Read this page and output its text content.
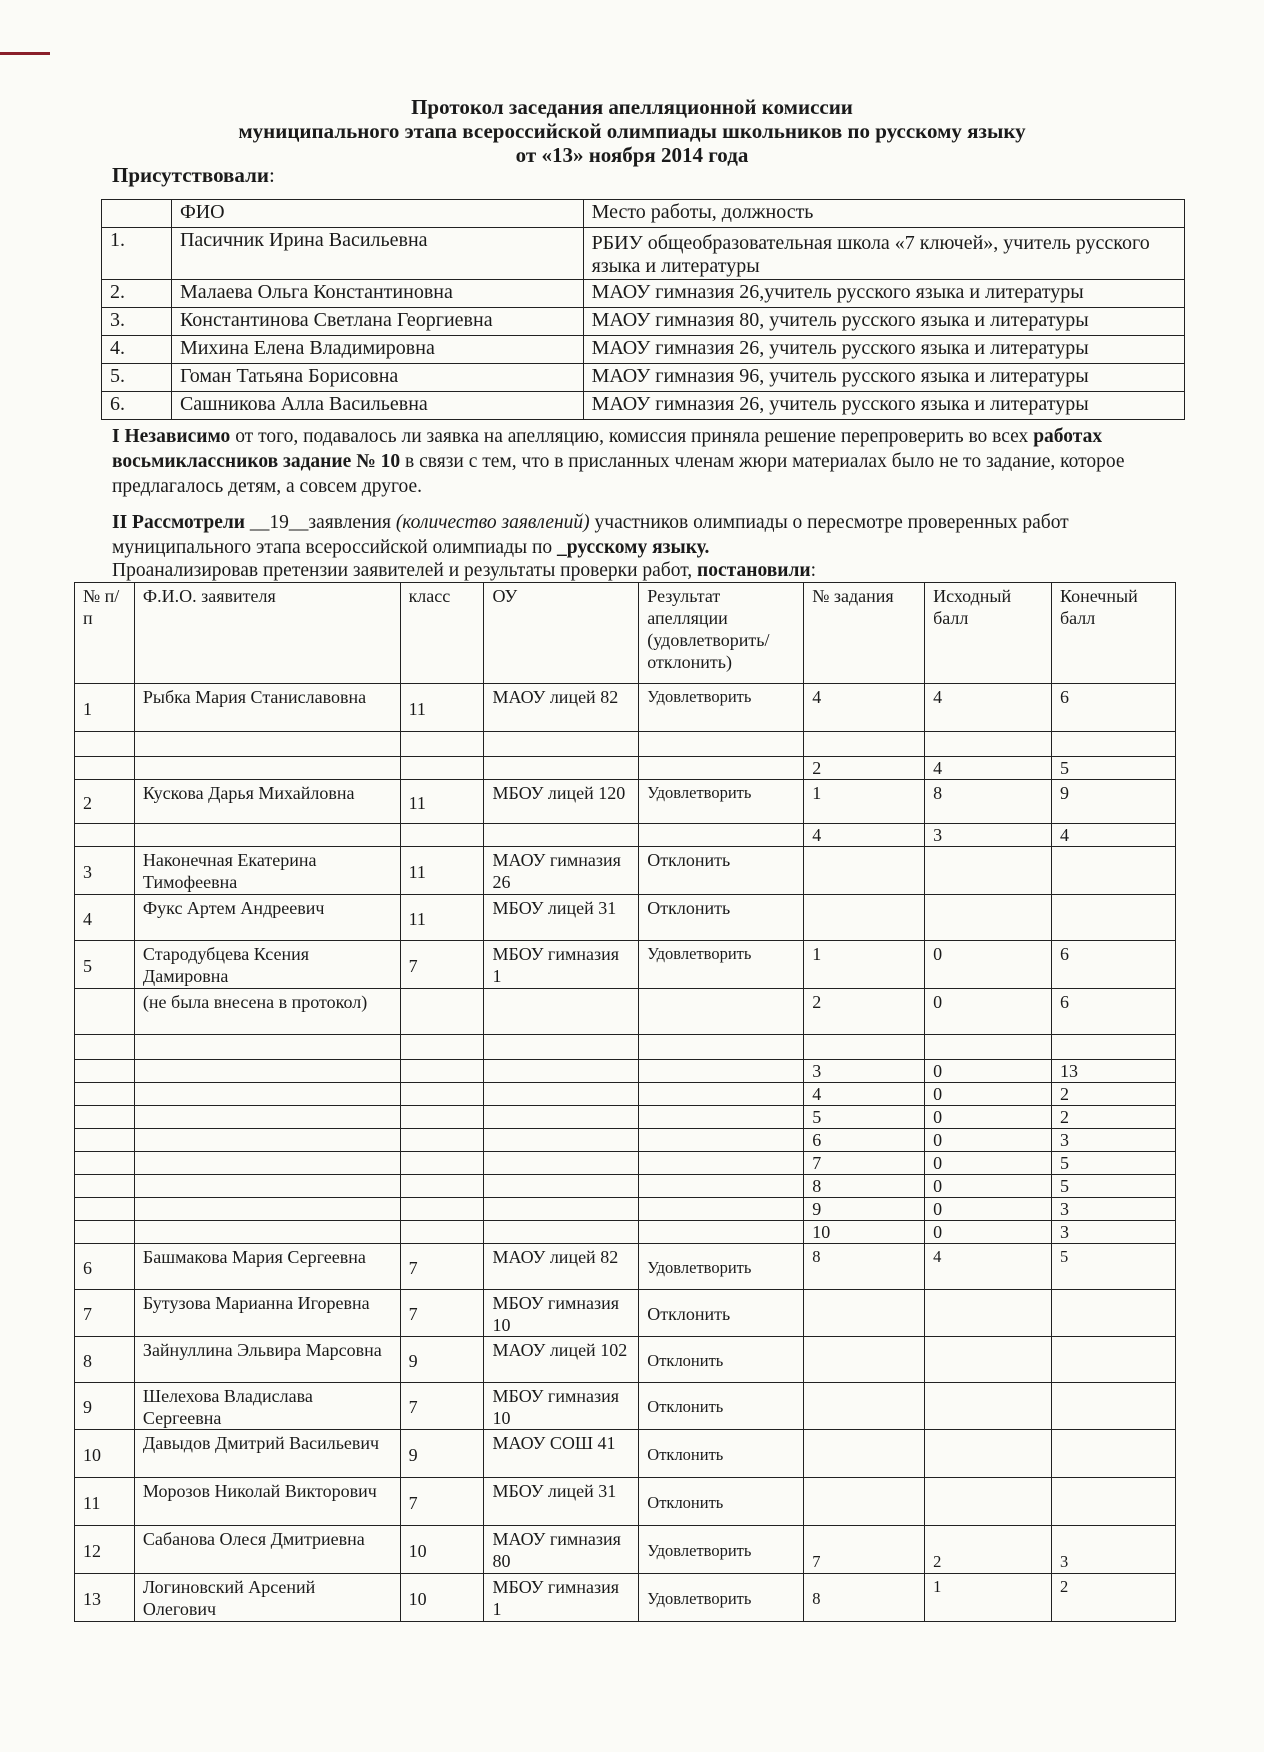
Протокол заседания апелляционной комиссии
муниципального этапа всероссийской олимпиады школьников по русскому языку
от «13» ноября 2014 года
Присутствовали:
	ФИО	Место работы, должность
1.	Пасичник Ирина Васильевна	РБИУ общеобразовательная школа «7 ключей», учитель русского языка и литературы
2.	Малаева Ольга Константиновна	МАОУ гимназия 26,учитель русского языка и литературы
3.	Константинова Светлана Георгиевна	МАОУ гимназия 80, учитель русского языка и литературы
4.	Михина Елена Владимировна	МАОУ гимназия 26, учитель русского языка и литературы
5.	Гоман Татьяна Борисовна	МАОУ гимназия 96, учитель русского языка и литературы
6.	Сашникова Алла Васильевна	МАОУ гимназия 26, учитель русского языка и литературы
I Независимо от того, подавалось ли заявка на апелляцию, комиссия приняла решение перепроверить во всех работах восьмиклассников задание № 10 в связи с тем, что в присланных членам жюри материалах было не то задание, которое предлагалось детям, а совсем другое.
II Рассмотрели __19__заявления (количество заявлений) участников олимпиады о пересмотре проверенных работ муниципального этапа всероссийской олимпиады по _русскому языку.
Проанализировав претензии заявителей и результаты проверки работ, постановили:
№ п/п	Ф.И.О. заявителя	класс	ОУ	Результат апелляции (удовлетворить/ отклонить)	№ задания	Исходный балл	Конечный балл
1	Рыбка Мария Станиславовна	11	МАОУ лицей 82	Удовлетворить	4	4	6

					2	4	5
2	Кускова Дарья Михайловна	11	МБОУ лицей 120	Удовлетворить	1	8	9
					4	3	4
3	Наконечная Екатерина Тимофеевна	11	МАОУ гимназия 26	Отклонить			
4	Фукс Артем Андреевич	11	МБОУ лицей 31	Отклонить			
5	Стародубцева Ксения Дамировна	7	МБОУ гимназия 1	Удовлетворить	1	0	6
	(не была внесена в протокол)				2	0	6

					3	0	13
					4	0	2
					5	0	2
					6	0	3
					7	0	5
					8	0	5
					9	0	3
					10	0	3
6	Башмакова Мария Сергеевна	7	МАОУ лицей 82	Удовлетворить	8	4	5
7	Бутузова Марианна Игоревна	7	МБОУ гимназия 10	Отклонить			
8	Зайнуллина Эльвира Марсовна	9	МАОУ лицей 102	Отклонить			
9	Шелехова Владислава Сергеевна	7	МБОУ гимназия 10	Отклонить			
10	Давыдов Дмитрий Васильевич	9	МАОУ СОШ 41	Отклонить			
11	Морозов Николай Викторович	7	МБОУ лицей 31	Отклонить			
12	Сабанова Олеся Дмитриевна	10	МАОУ гимназия 80	Удовлетворить	7	2	3
13	Логиновский Арсений Олегович	10	МБОУ гимназия 1	Удовлетворить	8	1	2
